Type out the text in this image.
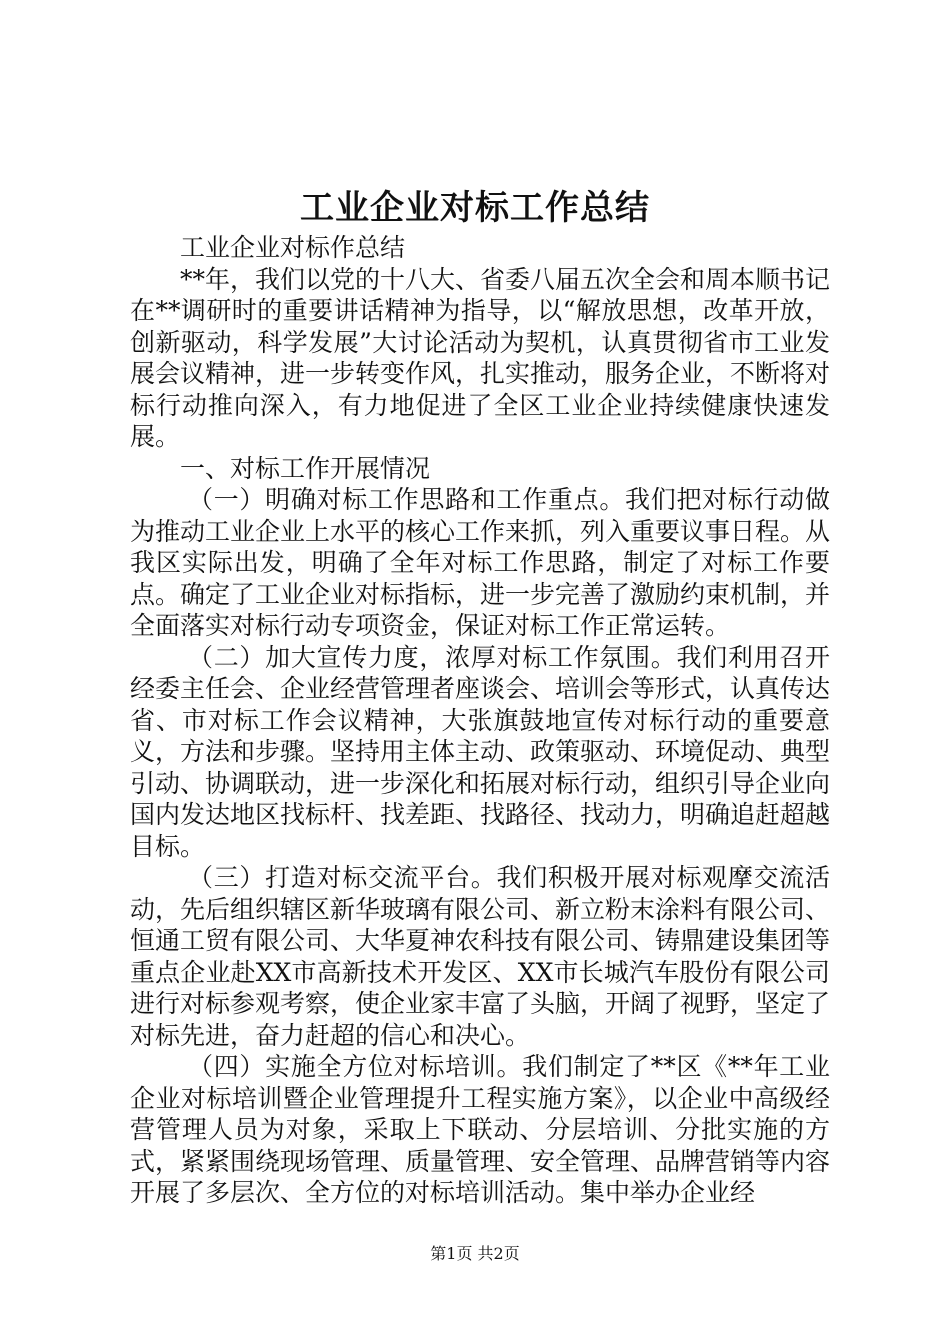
工业企业对标工作总结

工业企业对标作总结

**年，我们以党的十八大、省委八届五次全会和周本顺书记在**调研时的重要讲话精神为指导，以“解放思想，改革开放，创新驱动，科学发展”大讨论活动为契机，认真贯彻省市工业发展会议精神，进一步转变作风，扎实推动，服务企业，不断将对标行动推向深入，有力地促进了全区工业企业持续健康快速发展。

一、对标工作开展情况

（一）明确对标工作思路和工作重点。我们把对标行动做为推动工业企业上水平的核心工作来抓，列入重要议事日程。从我区实际出发，明确了全年对标工作思路，制定了对标工作要点。确定了工业企业对标指标，进一步完善了激励约束机制，并全面落实对标行动专项资金，保证对标工作正常运转。

（二）加大宣传力度，浓厚对标工作氛围。我们利用召开经委主任会、企业经营管理者座谈会、培训会等形式，认真传达省、市对标工作会议精神，大张旗鼓地宣传对标行动的重要意义，方法和步骤。坚持用主体主动、政策驱动、环境促动、典型引动、协调联动，进一步深化和拓展对标行动，组织引导企业向国内发达地区找标杆、找差距、找路径、找动力，明确追赶超越目标。

（三）打造对标交流平台。我们积极开展对标观摩交流活动，先后组织辖区新华玻璃有限公司、新立粉末涂料有限公司、恒通工贸有限公司、大华夏神农科技有限公司、铸鼎建设集团等重点企业赴XX市高新技术开发区、XX市长城汽车股份有限公司进行对标参观考察，使企业家丰富了头脑，开阔了视野，坚定了对标先进，奋力赶超的信心和决心。

（四）实施全方位对标培训。我们制定了**区《**年工业企业对标培训暨企业管理提升工程实施方案》，以企业中高级经营管理人员为对象，采取上下联动、分层培训、分批实施的方式，紧紧围绕现场管理、质量管理、安全管理、品牌营销等内容开展了多层次、全方位的对标培训活动。集中举办企业经

第1页 共2页
